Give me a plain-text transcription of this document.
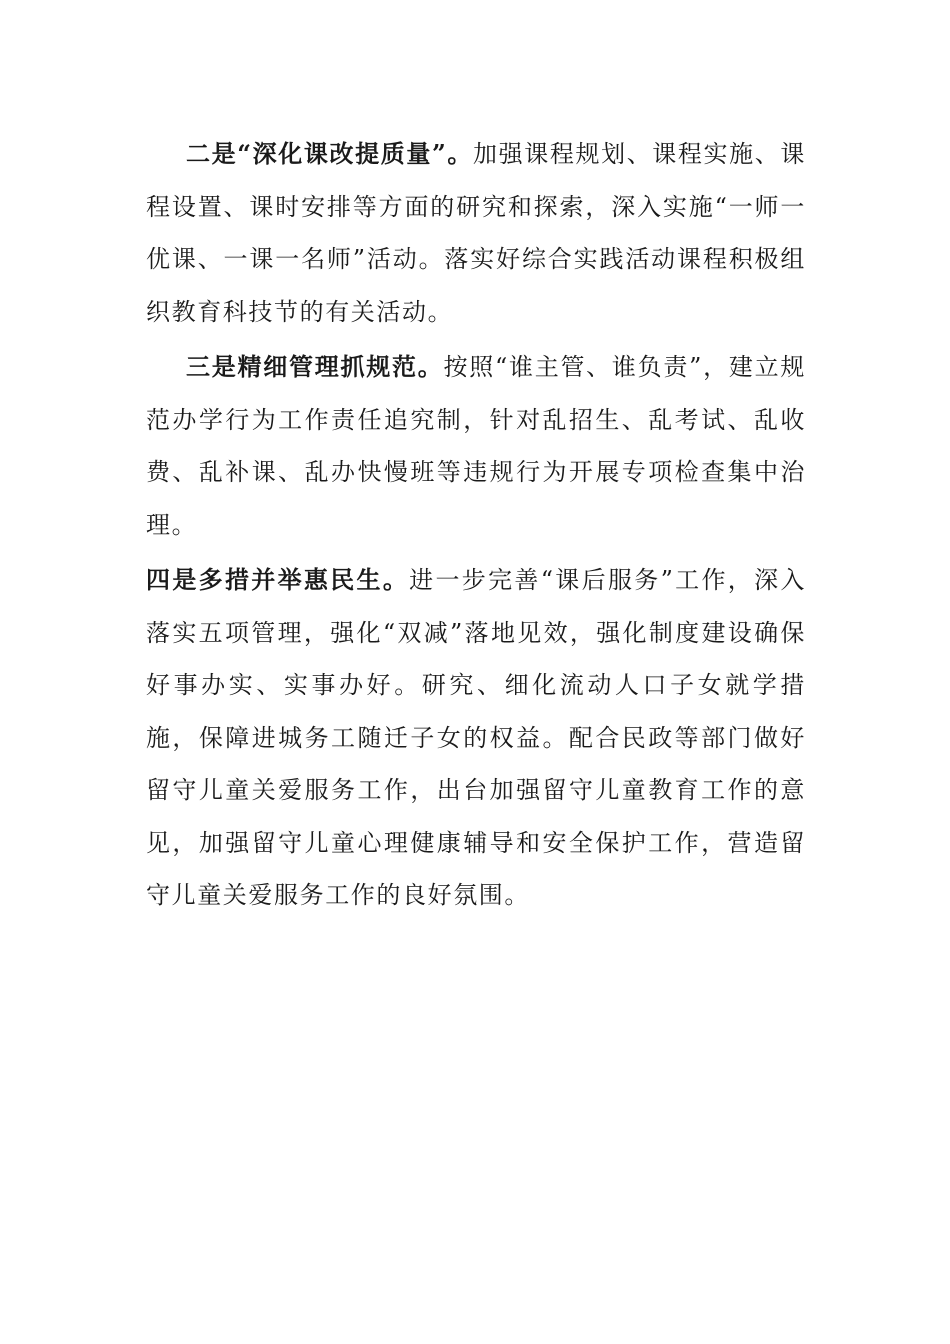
二是“深化课改提质量”。加强课程规划、课程实施、课程设置、课时安排等方面的研究和探索，深入实施“一师一优课、一课一名师”活动。落实好综合实践活动课程积极组织教育科技节的有关活动。

三是精细管理抓规范。按照“谁主管、谁负责”，建立规范办学行为工作责任追究制，针对乱招生、乱考试、乱收费、乱补课、乱办快慢班等违规行为开展专项检查集中治理。

四是多措并举惠民生。进一步完善“课后服务”工作，深入落实五项管理，强化“双减”落地见效，强化制度建设确保好事办实、实事办好。研究、细化流动人口子女就学措施，保障进城务工随迁子女的权益。配合民政等部门做好留守儿童关爱服务工作，出台加强留守儿童教育工作的意见，加强留守儿童心理健康辅导和安全保护工作，营造留守儿童关爱服务工作的良好氛围。
